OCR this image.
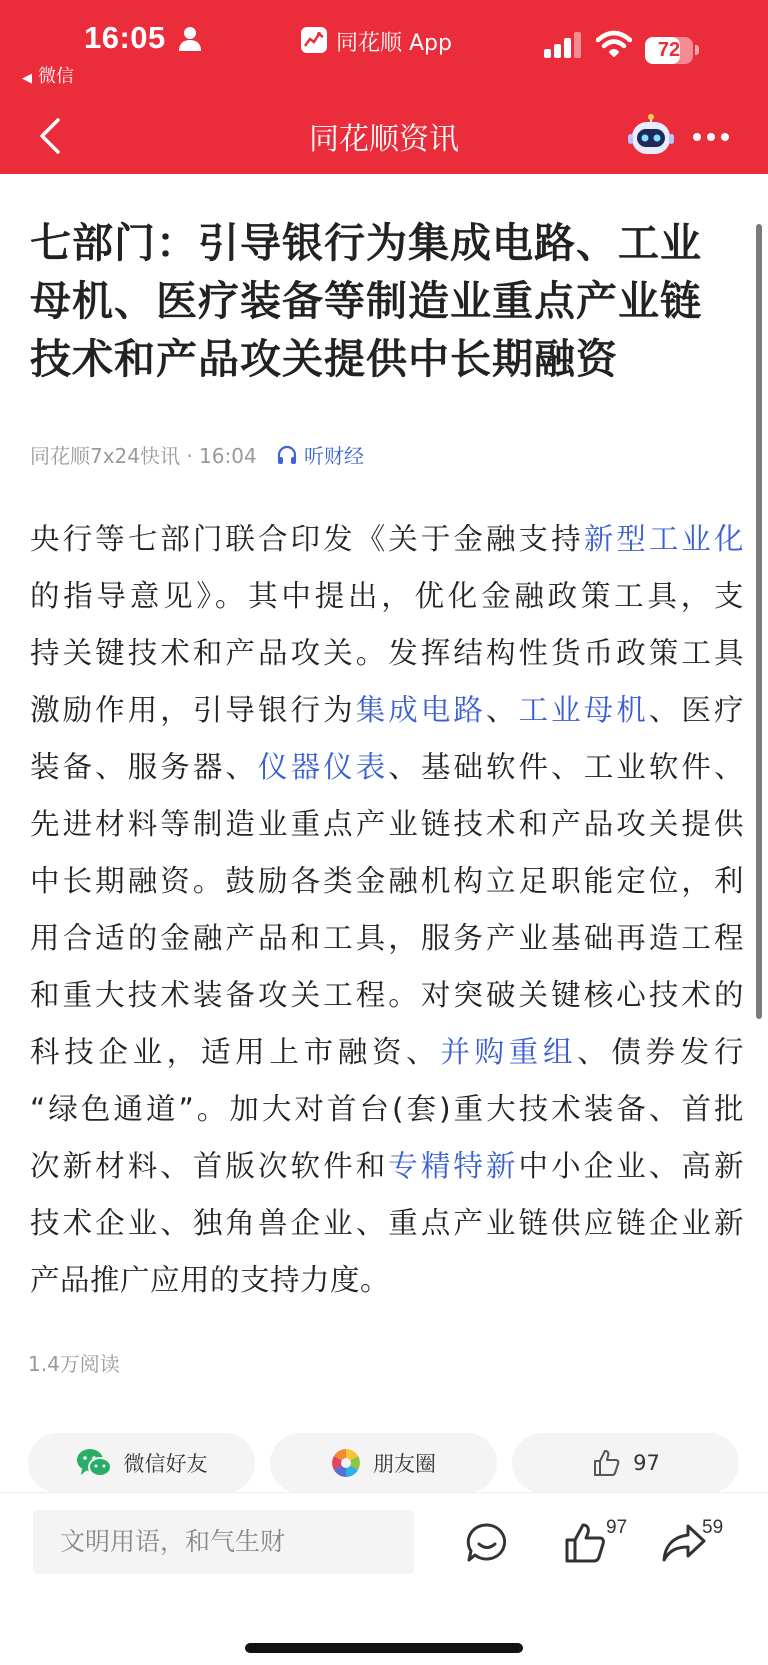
16:05
◀ 微信
同花顺 App	72
同花顺资讯
七部门：引导银行为集成电路、工业
母机、医疗装备等制造业重点产业链
技术和产品攻关提供中长期融资
同花顺7x24快讯 · 16:04	听财经
央行等七部门联合印发《关于金融支持新型工业化
的指导意见》。其中提出，优化金融政策工具，支
持关键技术和产品攻关。发挥结构性货币政策工具
激励作用，引导银行为集成电路、工业母机、医疗
装备、服务器、仪器仪表、基础软件、工业软件、
先进材料等制造业重点产业链技术和产品攻关提供
中长期融资。鼓励各类金融机构立足职能定位，利
用合适的金融产品和工具，服务产业基础再造工程
和重大技术装备攻关工程。对突破关键核心技术的
科技企业，适用上市融资、并购重组、债券发行
“绿色通道”。加大对首台(套)重大技术装备、首批
次新材料、首版次软件和专精特新中小企业、高新
技术企业、独角兽企业、重点产业链供应链企业新
产品推广应用的支持力度。
1.4万阅读
微信好友	朋友圈	97
文明用语，和气生财	97	59
